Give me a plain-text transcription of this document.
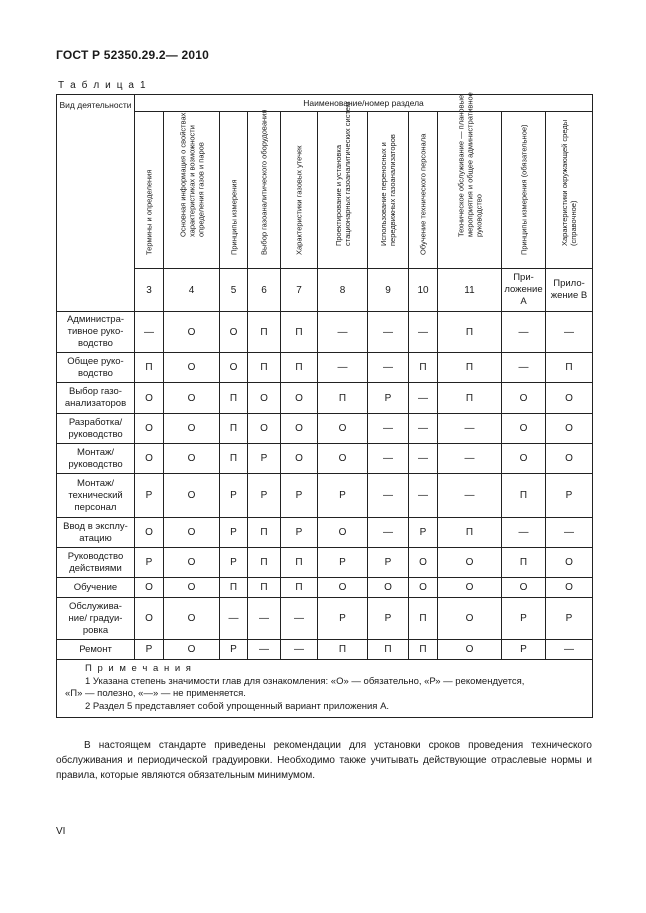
ГОСТ Р 52350.29.2— 2010
Т а б л и ц а 1
Вид деятельности	Наименование/номер раздела										

	Термины и определения	Основная информация о свойствах, характеристиках и возможности определения газов и паров	Принципы измерения	Выбор газоаналитического оборудования	Характеристики газовых утечек	Проектирование и установка стационарных газоаналитических систем	Использование переносных и передвижных газоанализаторов	Обучение технического персонала	Техническое обслуживание — плановые мероприятия и общее административное руководство	Принципы измерения (обязательное)	Характеристики окружающей среды (справочное)

	3	4	5	6	7	8	9	10	11	При-ложение А	Прило-жение В
Администра-тивное руко-водство	—	О	О	П	П	—	—	—	П	—	—
Общее руко-водство	П	О	О	П	П	—	—	П	П	—	П
Выбор газо-анализаторов	О	О	П	О	О	П	Р	—	П	О	О
Разработка/ руководство	О	О	П	О	О	О	—	—	—	О	О
Монтаж/ руководство	О	О	П	Р	О	О	—	—	—	О	О
Монтаж/ технический персонал	Р	О	Р	Р	Р	Р	—	—	—	П	Р
Ввод в эксплу-атацию	О	О	Р	П	Р	О	—	Р	П	—	—
Руководство действиями	Р	О	Р	П	П	Р	Р	О	О	П	О
Обучение	О	О	П	П	П	О	О	О	О	О	О
Обслужива-ние/ градуи-ровка	О	О	—	—	—	Р	Р	П	О	Р	Р
Ремонт	Р	О	Р	—	—	П	П	П	О	Р	—

П р и м е ч а н и я
1 Указана степень значимости глав для ознакомления: «О» — обязательно, «Р» — рекомендуется,
«П» — полезно, «—» — не применяется.
2 Раздел 5 представляет собой упрощенный вариант приложения А.											
В настоящем стандарте приведены рекомендации для установки сроков проведения технического обслуживания и периодической градуировки. Необходимо также учитывать действующие отраслевые нормы и правила, которые являются обязательным минимумом.
VI
